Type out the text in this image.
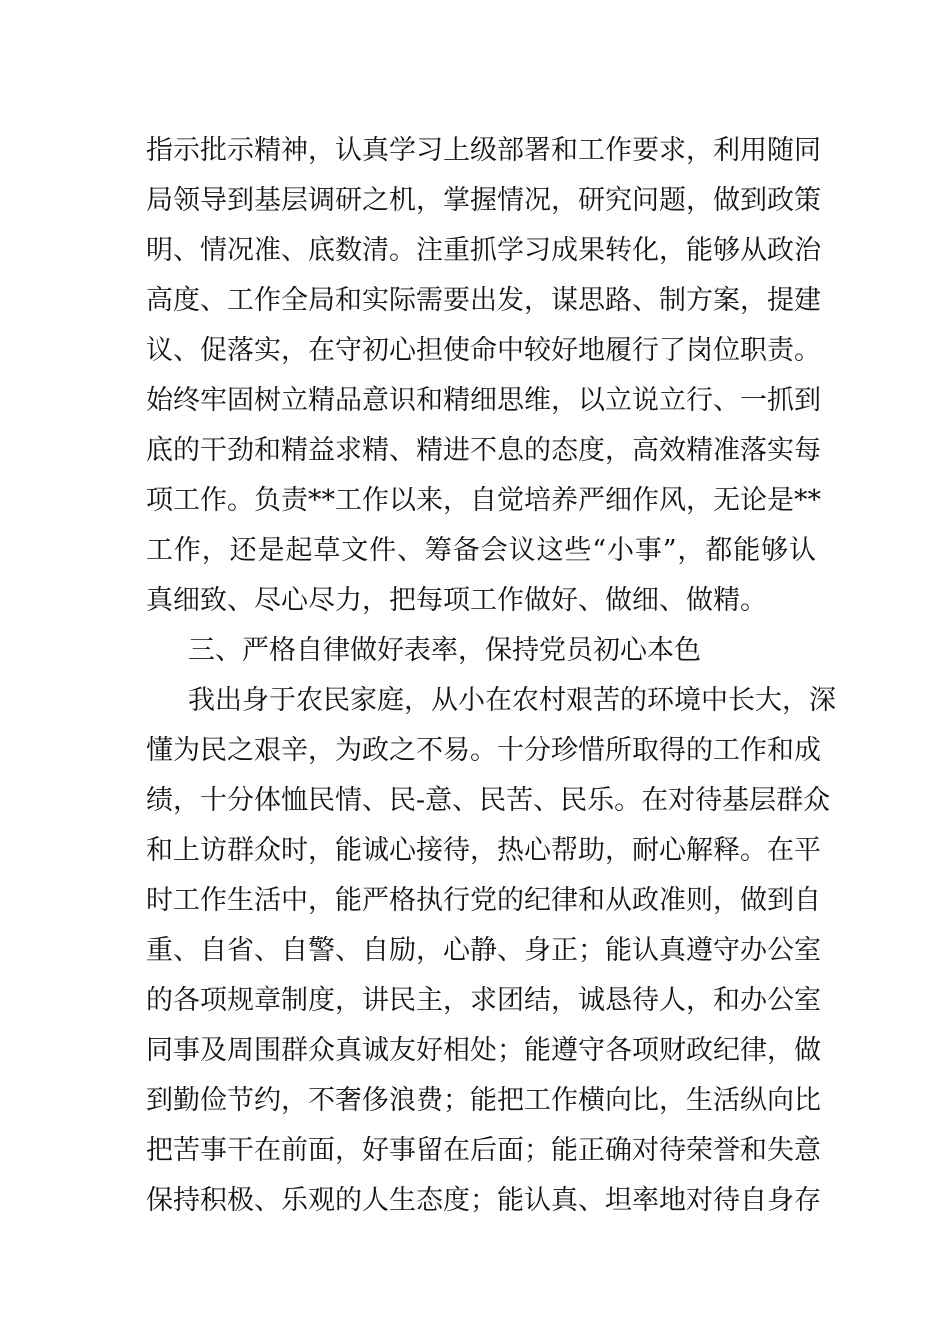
指示批示精神，认真学习上级部署和工作要求，利用随同
局领导到基层调研之机，掌握情况，研究问题，做到政策
明、情况准、底数清。注重抓学习成果转化，能够从政治
高度、工作全局和实际需要出发，谋思路、制方案，提建
议、促落实，在守初心担使命中较好地履行了岗位职责。
始终牢固树立精品意识和精细思维，以立说立行、一抓到
底的干劲和精益求精、精进不息的态度，高效精准落实每
项工作。负责**工作以来，自觉培养严细作风，无论是**
工作，还是起草文件、筹备会议这些“小事”，都能够认
真细致、尽心尽力，把每项工作做好、做细、做精。
三、严格自律做好表率，保持党员初心本色
我出身于农民家庭，从小在农村艰苦的环境中长大，深
懂为民之艰辛，为政之不易。十分珍惜所取得的工作和成
绩，十分体恤民情、民-意、民苦、民乐。在对待基层群众
和上访群众时，能诚心接待，热心帮助，耐心解释。在平
时工作生活中，能严格执行党的纪律和从政准则，做到自
重、自省、自警、自励，心静、身正；能认真遵守办公室
的各项规章制度，讲民主，求团结，诚恳待人，和办公室
同事及周围群众真诚友好相处；能遵守各项财政纪律，做
到勤俭节约，不奢侈浪费；能把工作横向比，生活纵向比
把苦事干在前面，好事留在后面；能正确对待荣誉和失意
保持积极、乐观的人生态度；能认真、坦率地对待自身存
